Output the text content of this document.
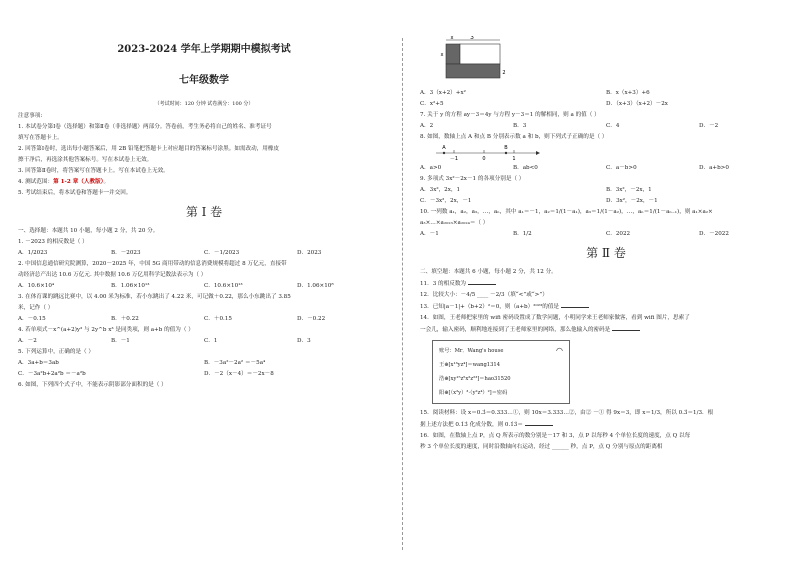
2023-2024 学年上学期期中模拟考试
七年级数学
（考试时间：120 分钟 试卷满分：100 分）
注意事项:
1. 本试卷分第Ⅰ卷（选择题）和第Ⅱ卷（非选择题）两部分。答卷前，考生务必将自己的姓名、准考证号
填写在答题卡上。
2. 回答第Ⅰ卷时，选出每小题答案后，用 2B 铅笔把答题卡上对应题目的答案标号涂黑。如需改动，用橡皮
擦干净后，再选涂其他答案标号。写在本试卷上无效。
3. 回答第Ⅱ卷时，将答案写在答题卡上。写在本试卷上无效。
4. 测试范围：第 1-2 章（人教版）。
5. 考试结束后，将本试卷和答题卡一并交回。
第 Ⅰ 卷
一、选择题：本题共 10 小题，每小题 2 分，共 20 分。
1. －2023 的相反数是（ ）
A．1/2023	B．－2023	C．－1/2023	D．2023
2. 中国信息通信研究院测算，2020－2025 年，中国 5G 商用带动的信息消费规模将超过 8 万亿元，直接带
动经济总产出达 10.6 万亿元. 其中数据 10.6 万亿用科学记数法表示为（ ）
A．10.6×10⁴	B．1.06×10¹³	C．10.6×10¹³	D．1.06×10⁸
3. 在体育课的跳远比赛中，以 4.00 米为标准，若小东跳出了 4.22 米，可记做＋0.22，那么小东跳出了 3.85
米，记作（ ）
A．－0.15	B．＋0.22	C．＋0.15	D．－0.22
4. 若单项式－x^(a+2)y³ 与 2y^b x³ 是同类项，则 a+b 的值为（ ）
A．－2	B．－1	C．1	D．3
5. 下列运算中，正确的是（ ）
A．3a+b＝3ab	B．－3a²－2a² ＝－5a⁴
C．－3a²b+2a²b ＝－a²b	D．－2（x－4）＝－2x－8
6. 如图，下列四个式子中，不能表示阴影部分面积的是（ ）
3
x
x
2
A．3（x+2）+x²	B．x（x+3）+6
C．x²+5	D．（x+3）（x+2）－2x
7. 关于 y 的方程 ay－3＝4y 与方程 y－3＝1 的解相同，则 a 的值（ ）
A．2	B．3	C．4	D．－2
8. 如图，数轴上点 A 和点 B 分别表示数 a 和 b，则下列式子正确的是（ ）
A	B
－1	0	1
A．a>0	B．ab<0	C．a－b>0	D．a+b>0
9. 多项式 3x²－2x－1 的各项分别是（ ）
A．3x²，2x，1	B．3x²，－2x，1
C．－3x²，2x，－1	D．3x²，－2x，－1
10. 一列数 a₁，a₂，a₃，…，aₙ，其中 a₁＝－1，a₂＝1/(1－a₁)，a₃＝1/(1－a₂)，…，aₙ＝1/(1－aₙ₋₁)，则 a₁×a₂×
a₃×…×a₂₀₂₃×a₂₀₂₄＝（ ）
A．－1	B．1/2	C．2022	D．－2022
第 Ⅱ 卷
二、填空题：本题共 6 小题，每小题 2 分，共 12 分。
11．3 的相反数为
12．比较大小：－4/5 ____ －2/3（填“<”或“>”）
13．已知|a－1|+（b+2）²＝0，则（a+b）²⁰²³的值是
14．如图，王老师把家里的 wifi 密码设置成了数学问题，小明同学来王老师家做客，看到 wifi 图片，思索了
一会儿，输入密码，顺利地连接到了王老师家里的网络，那么他输入的密码是
◠
账号：Mr．Wang's house
王⊕[x¹³yz⁴]＝wang1314
浩⊕[xy¹⁵z⁵x²z²³]＝hao31520
阳⊕[（x²y）³·（y²z⁴）²]＝密码
15．阅读材料：设 x＝0.3̇＝0.333…①，则 10x＝3.333…②，由② －① 得 9x＝3，即 x＝1/3，所以 0.3̇＝1/3．根
据上述方法把 0.1̇3̇ 化成分数，则 0.1̇3̇＝
16．如图，在数轴上点 P，点 Q 所表示的数分别是－17 和 3，点 P 以每秒 4 个单位长度的速度，点 Q 以每
秒 3 个单位长度的速度，同时沿数轴向右运动，经过 ______ 秒，点 P，点 Q 分别与原点的距离相
